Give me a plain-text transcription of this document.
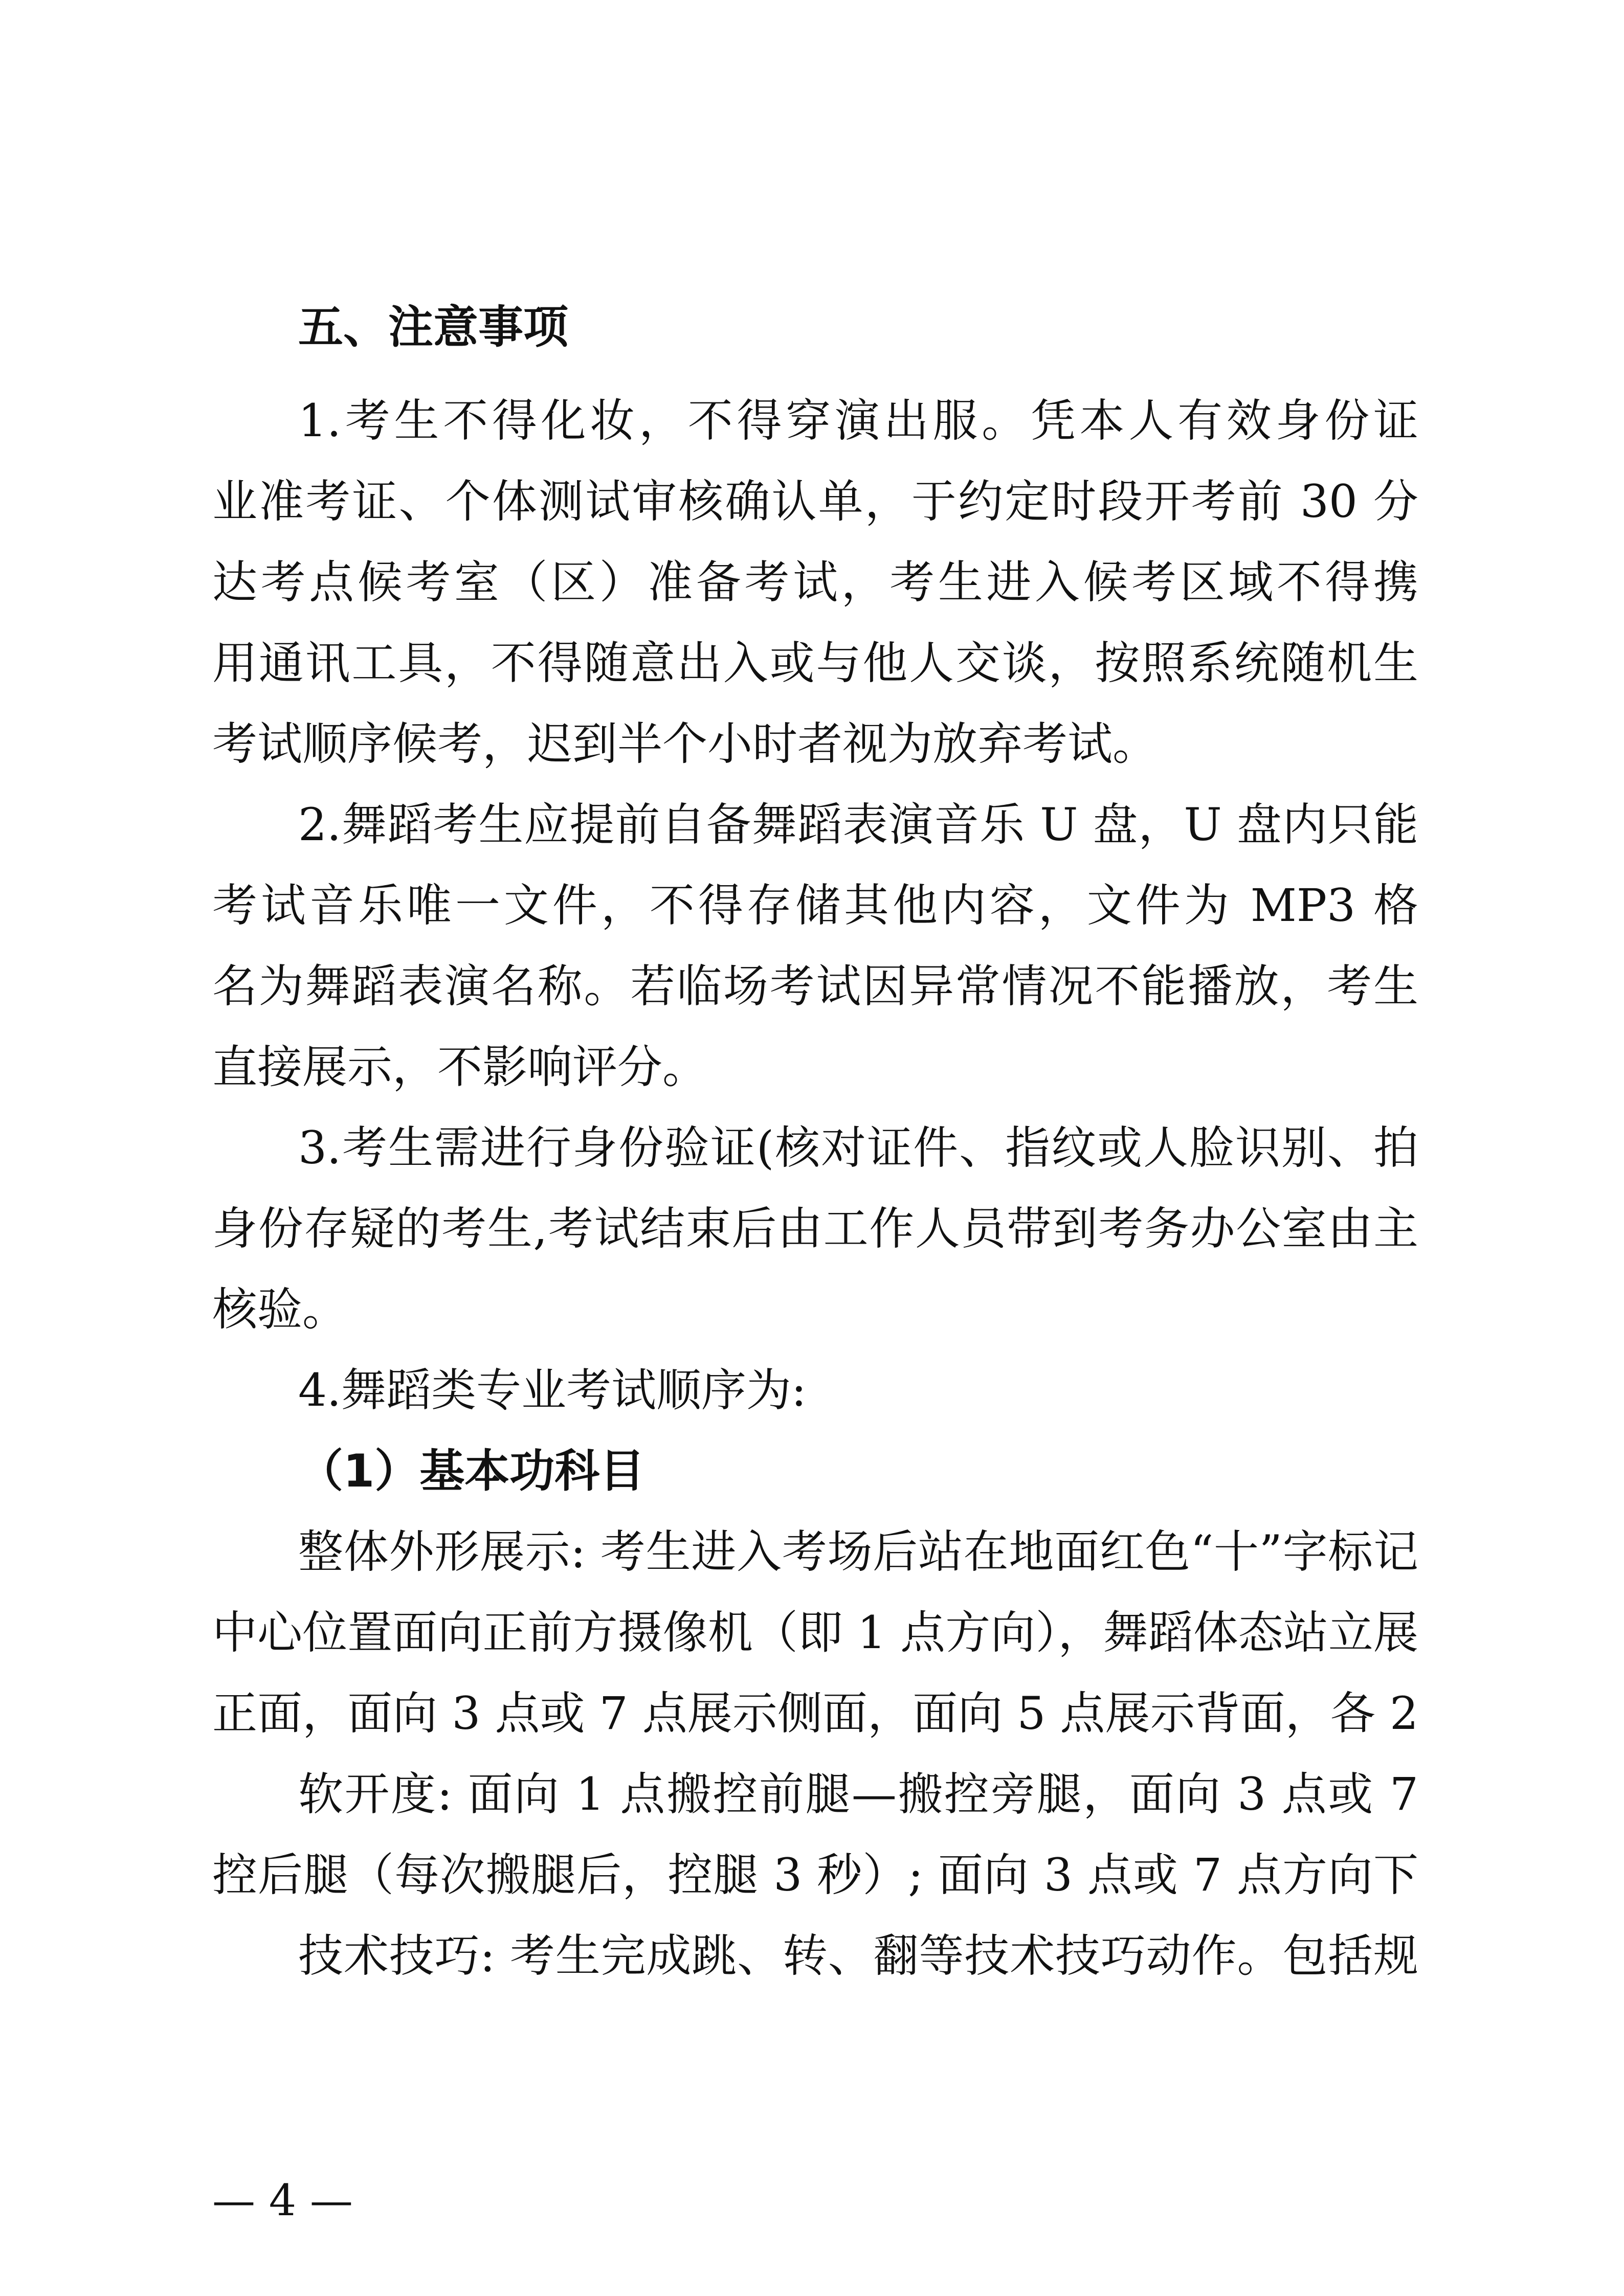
五、注意事项
1.考生不得化妆，不得穿演出服。凭本人有效身份证
业准考证、个体测试审核确认单，于约定时段开考前 30 分
达考点候考室（区）准备考试，考生进入候考区域不得携
用通讯工具，不得随意出入或与他人交谈，按照系统随机生
考试顺序候考，迟到半个小时者视为放弃考试。
2.舞蹈考生应提前自备舞蹈表演音乐 U 盘，U 盘内只能
考试音乐唯一文件，不得存储其他内容，文件为 MP3 格
名为舞蹈表演名称。若临场考试因异常情况不能播放，考生
直接展示，不影响评分。
3.考生需进行身份验证(核对证件、指纹或人脸识别、拍
身份存疑的考生,考试结束后由工作人员带到考务办公室由主
核验。
4.舞蹈类专业考试顺序为:
（1）基本功科目
整体外形展示: 考生进入考场后站在地面红色“十”字标记
中心位置面向正前方摄像机（即 1 点方向），舞蹈体态站立展
正面，面向 3 点或 7 点展示侧面，面向 5 点展示背面，各 2
软开度: 面向 1 点搬控前腿—搬控旁腿，面向 3 点或 7
控后腿（每次搬腿后，控腿 3 秒）; 面向 3 点或 7 点方向下
技术技巧: 考生完成跳、转、翻等技术技巧动作。包括规
— 4 —
